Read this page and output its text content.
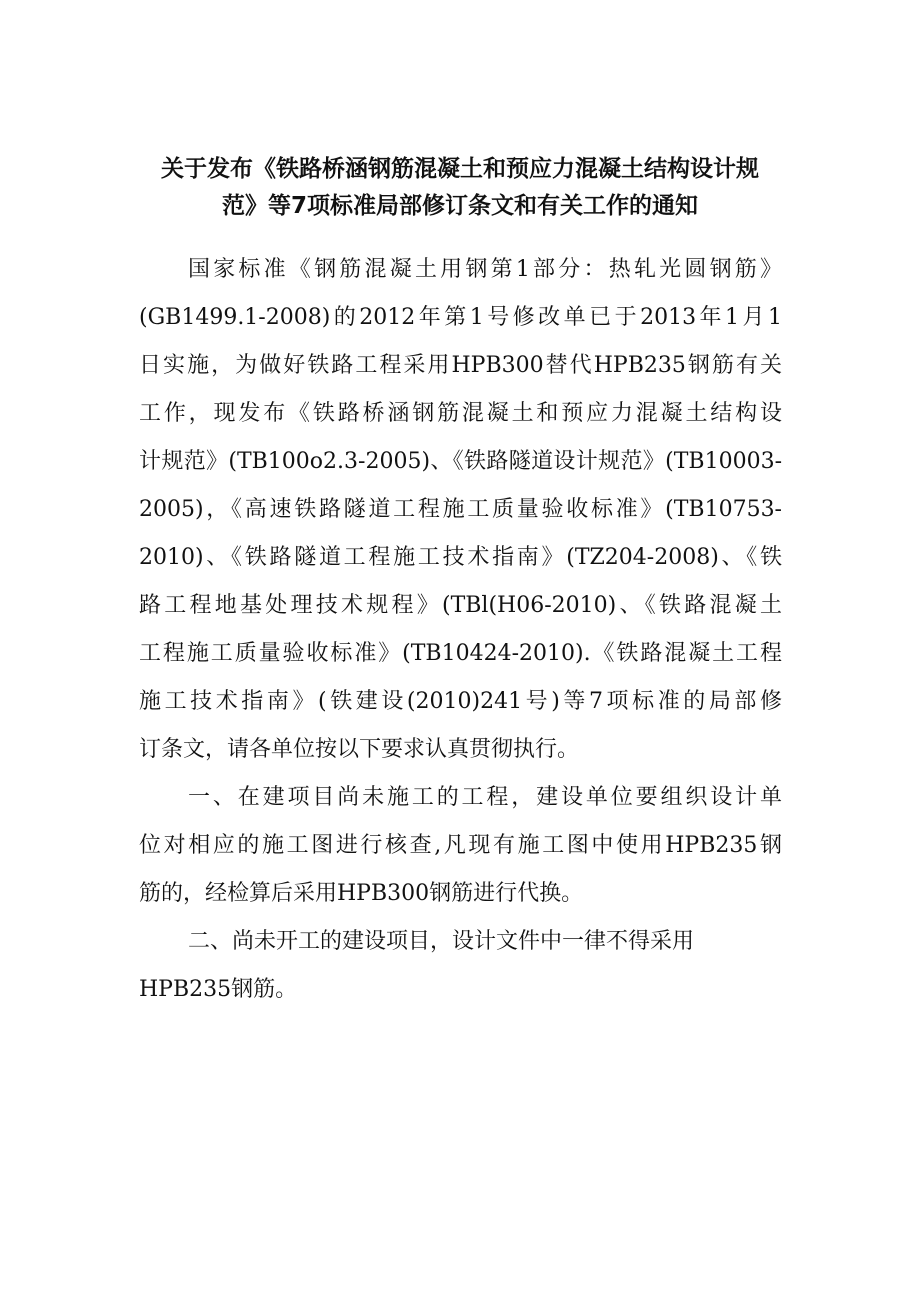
关于发布《铁路桥涵钢筋混凝土和预应力混凝土结构设计规
范》等7项标准局部修订条文和有关工作的通知
国家标准《钢筋混凝土用钢第1部分：热轧光圆钢筋》
(GB1499.1-2008)的2012年第1号修改单已于2013年1月1
日实施，为做好铁路工程采用HPB300替代HPB235钢筋有关
工作，现发布《铁路桥涵钢筋混凝土和预应力混凝土结构设
计规范》(TB100o2.3-2005)、《铁路隧道设计规范》(TB10003-
2005)，《高速铁路隧道工程施工质量验收标准》(TB10753-
2010)、《铁路隧道工程施工技术指南》(TZ204-2008)、《铁
路工程地基处理技术规程》(TBl(H06-2010)、《铁路混凝土
工程施工质量验收标准》(TB10424-2010).《铁路混凝土工程
施工技术指南》(铁建设(2010)241号)等7项标准的局部修
订条文，请各单位按以下要求认真贯彻执行。
一、在建项目尚未施工的工程，建设单位要组织设计单
位对相应的施工图进行核查,凡现有施工图中使用HPB235钢
筋的，经检算后采用HPB300钢筋进行代换。
二、尚未开工的建设项目，设计文件中一律不得采用
HPB235钢筋。
